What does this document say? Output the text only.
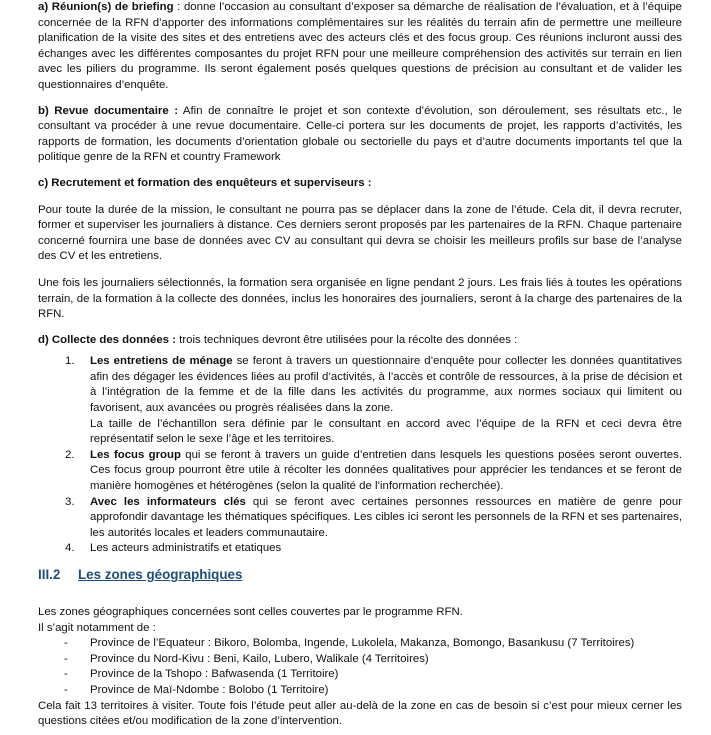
a) Réunion(s) de briefing : donne l’occasion au consultant d’exposer sa démarche de réalisation de l’évaluation, et à l’équipe concernée de la RFN d’apporter des informations complémentaires sur les réalités du terrain afin de permettre une meilleure planification de la visite des sites et des entretiens avec des acteurs clés et des focus group. Ces réunions incluront aussi des échanges avec les différentes composantes du projet RFN pour une meilleure compréhension des activités sur terrain en lien avec les piliers du programme. Ils seront également posés quelques questions de précision au consultant et de valider les questionnaires d’enquête.

b) Revue documentaire : Afin de connaître le projet et son contexte d’évolution, son déroulement, ses résultats etc., le consultant va procéder à une revue documentaire. Celle-ci portera sur les documents de projet, les rapports d’activités, les rapports de formation, les documents d’orientation globale ou sectorielle du pays et d’autre documents importants tel que la politique genre de la RFN et country Framework

c) Recrutement et formation des enquêteurs et superviseurs :

Pour toute la durée de la mission, le consultant ne pourra pas se déplacer dans la zone de l’étude. Cela dit, il devra recruter, former et superviser les journaliers à distance. Ces derniers seront proposés par les partenaires de la RFN. Chaque partenaire concerné fournira une base de données avec CV au consultant qui devra se choisir les meilleurs profils sur base de l’analyse des CV et les entretiens.

Une fois les journaliers sélectionnés, la formation sera organisée en ligne pendant 2 jours. Les frais liés à toutes les opérations terrain, de la formation à la collecte des données, inclus les honoraires des journaliers, seront à la charge des partenaires de la RFN.

d) Collecte des données : trois techniques devront être utilisées pour la récolte des données :

1. Les entretiens de ménage se feront à travers un questionnaire d’enquête pour collecter les données quantitatives afin des dégager les évidences liées au profil d’activités, à l’accès et contrôle de ressources, à la prise de décision et à l’intégration de la femme et de la fille dans les activités du programme, aux normes sociaux qui limitent ou favorisent, aux avancées ou progrès réalisées dans la zone.
La taille de l’échantillon sera définie par le consultant en accord avec l’équipe de la RFN et ceci devra être représentatif selon le sexe l’âge et les territoires.
2. Les focus group qui se feront à travers un guide d’entretien dans lesquels les questions posées seront ouvertes. Ces focus group pourront être utile à récolter les données qualitatives pour apprécier les tendances et se feront de manière homogènes et hétérogènes (selon la qualité de l’information recherchée).
3. Avec les informateurs clés qui se feront avec certaines personnes ressources en matière de genre pour approfondir davantage les thématiques spécifiques. Les cibles ici seront les personnels de la RFN et ses partenaires, les autorités locales et leaders communautaire.
4. Les acteurs administratifs et etatiques
III.2 Les zones géographiques

Les zones géographiques concernées sont celles couvertes par le programme RFN.

Il s’agit notamment de :

- Province de l’Equateur : Bikoro, Bolomba, Ingende, Lukolela, Makanza, Bomongo, Basankusu (7 Territoires)
- Province du Nord-Kivu : Beni, Kailo, Lubero, Walikale (4 Territoires)
- Province de la Tshopo : Bafwasenda (1 Territoire)
- Province de Maï-Ndombe : Bolobo (1 Territoire)

Cela fait 13 territoires à visiter. Toute fois l’étude peut aller au-delà de la zone en cas de besoin si c’est pour mieux cerner les questions citées et/ou modification de la zone d’intervention.
